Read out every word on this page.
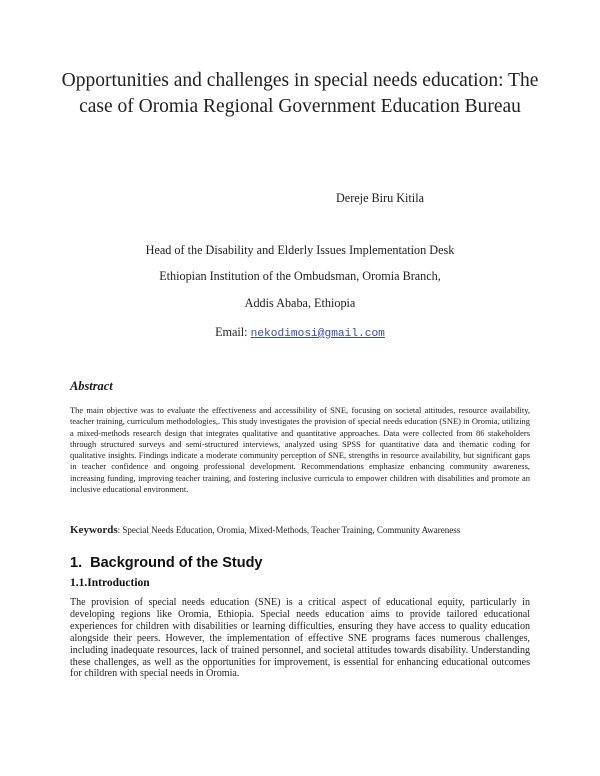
Opportunities and challenges in special needs education: The case of Oromia Regional Government Education Bureau
Dereje Biru Kitila
Head of the Disability and Elderly Issues Implementation Desk
Ethiopian Institution of the Ombudsman, Oromia Branch,
Addis Ababa, Ethiopia
Email: nekodimosi@gmail.com
Abstract
The main objective was to evaluate the effectiveness and accessibility of SNE, focusing on societal attitudes, resource availability, teacher training, curriculum methodologies,. This study investigates the provision of special needs education (SNE) in Oromia, utilizing a mixed-methods research design that integrates qualitative and quantitative approaches. Data were collected from 86 stakeholders through structured surveys and semi-structured interviews, analyzed using SPSS for quantitative data and thematic coding for qualitative insights. Findings indicate a moderate community perception of SNE, strengths in resource availability, but significant gaps in teacher confidence and ongoing professional development. Recommendations emphasize enhancing community awareness, increasing funding, improving teacher training, and fostering inclusive curricula to empower children with disabilities and promote an inclusive educational environment.
Keywords: Special Needs Education, Oromia, Mixed-Methods, Teacher Training, Community Awareness
1. Background of the Study
1.1.Introduction
The provision of special needs education (SNE) is a critical aspect of educational equity, particularly in developing regions like Oromia, Ethiopia. Special needs education aims to provide tailored educational experiences for children with disabilities or learning difficulties, ensuring they have access to quality education alongside their peers. However, the implementation of effective SNE programs faces numerous challenges, including inadequate resources, lack of trained personnel, and societal attitudes towards disability. Understanding these challenges, as well as the opportunities for improvement, is essential for enhancing educational outcomes for children with special needs in Oromia.
